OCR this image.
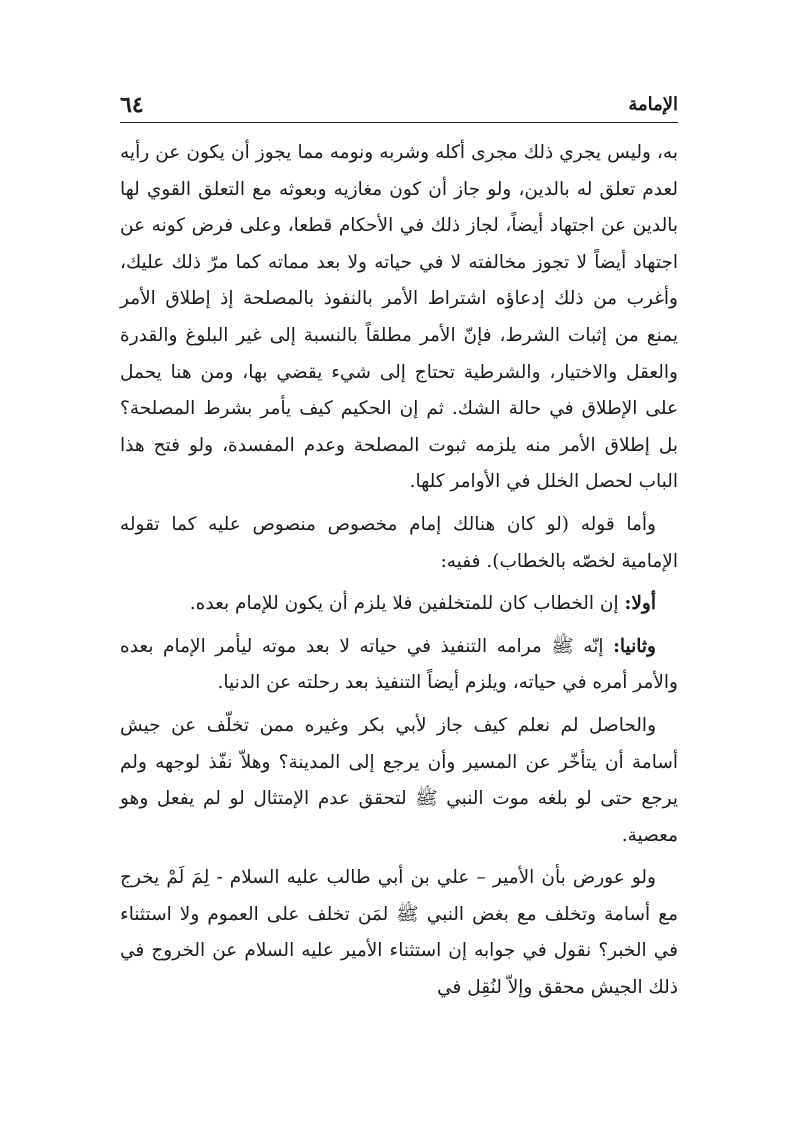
الإمامة
٦٤

به، وليس يجري ذلك مجرى أكله وشربه ونومه مما يجوز أن يكون عن رأيه لعدم تعلق له بالدين، ولو جاز أن كون مغازيه وبعوثه مع التعلق القوي لها بالدين عن اجتهاد أيضاً، لجاز ذلك في الأحكام قطعا، وعلى فرض كونه عن اجتهاد أيضاً لا تجوز مخالفته لا في حياته ولا بعد مماته كما مرّ ذلك عليك، وأغرب من ذلك إدعاؤه اشتراط الأمر بالنفوذ بالمصلحة إذ إطلاق الأمر يمنع من إثبات الشرط، فإنّ الأمر مطلقاً بالنسبة إلى غير البلوغ والقدرة والعقل والاختيار، والشرطية تحتاج إلى شيء يقضي بها، ومن هنا يحمل على الإطلاق في حالة الشك. ثم إن الحكيم كيف يأمر بشرط المصلحة؟ بل إطلاق الأمر منه يلزمه ثبوت المصلحة وعدم المفسدة، ولو فتح هذا الباب لحصل الخلل في الأوامر كلها.

وأما قوله (لو كان هنالك إمام مخصوص منصوص عليه كما تقوله الإمامية لخصّه بالخطاب). ففيه:

أولا: إن الخطاب كان للمتخلفين فلا يلزم أن يكون للإمام بعده.

وثانيا: إنّه ﷺ مرامه التنفيذ في حياته لا بعد موته ليأمر الإمام بعده والأمر أمره في حياته، ويلزم أيضاً التنفيذ بعد رحلته عن الدنيا.

والحاصل لم نعلم كيف جاز لأبي بكر وغيره ممن تخلّف عن جيش أسامة أن يتأخّر عن المسير وأن يرجع إلى المدينة؟ وهلاّ نفّذ لوجهه ولم يرجع حتى لو بلغه موت النبي ﷺ لتحقق عدم الإمتثال لو لم يفعل وهو معصية.

ولو عورض بأن الأمير – علي بن أبي طالب عليه السلام - لِمَ لَمْ يخرج مع أسامة وتخلف مع بغض النبي ﷺ لمَن تخلف على العموم ولا استثناء في الخبر؟ نقول في جوابه إن استثناء الأمير عليه السلام عن الخروج في ذلك الجيش محقق وإلاّ لنُقِل في
